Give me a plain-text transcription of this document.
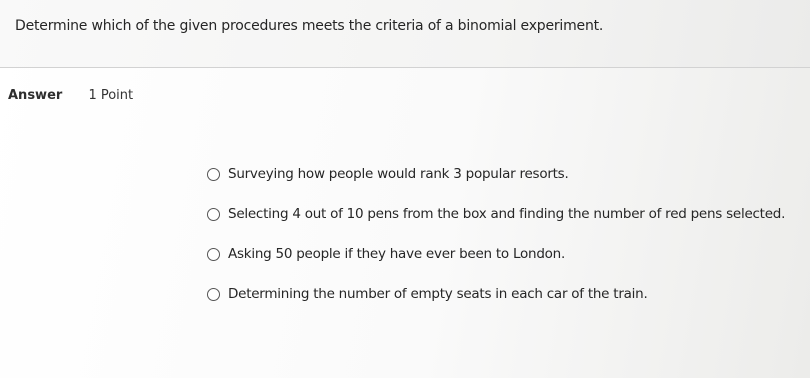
Determine which of the given procedures meets the criteria of a binomial experiment.
Answer 1 Point
Surveying how people would rank 3 popular resorts.
Selecting 4 out of 10 pens from the box and finding the number of red pens selected.
Asking 50 people if they have ever been to London.
Determining the number of empty seats in each car of the train.
